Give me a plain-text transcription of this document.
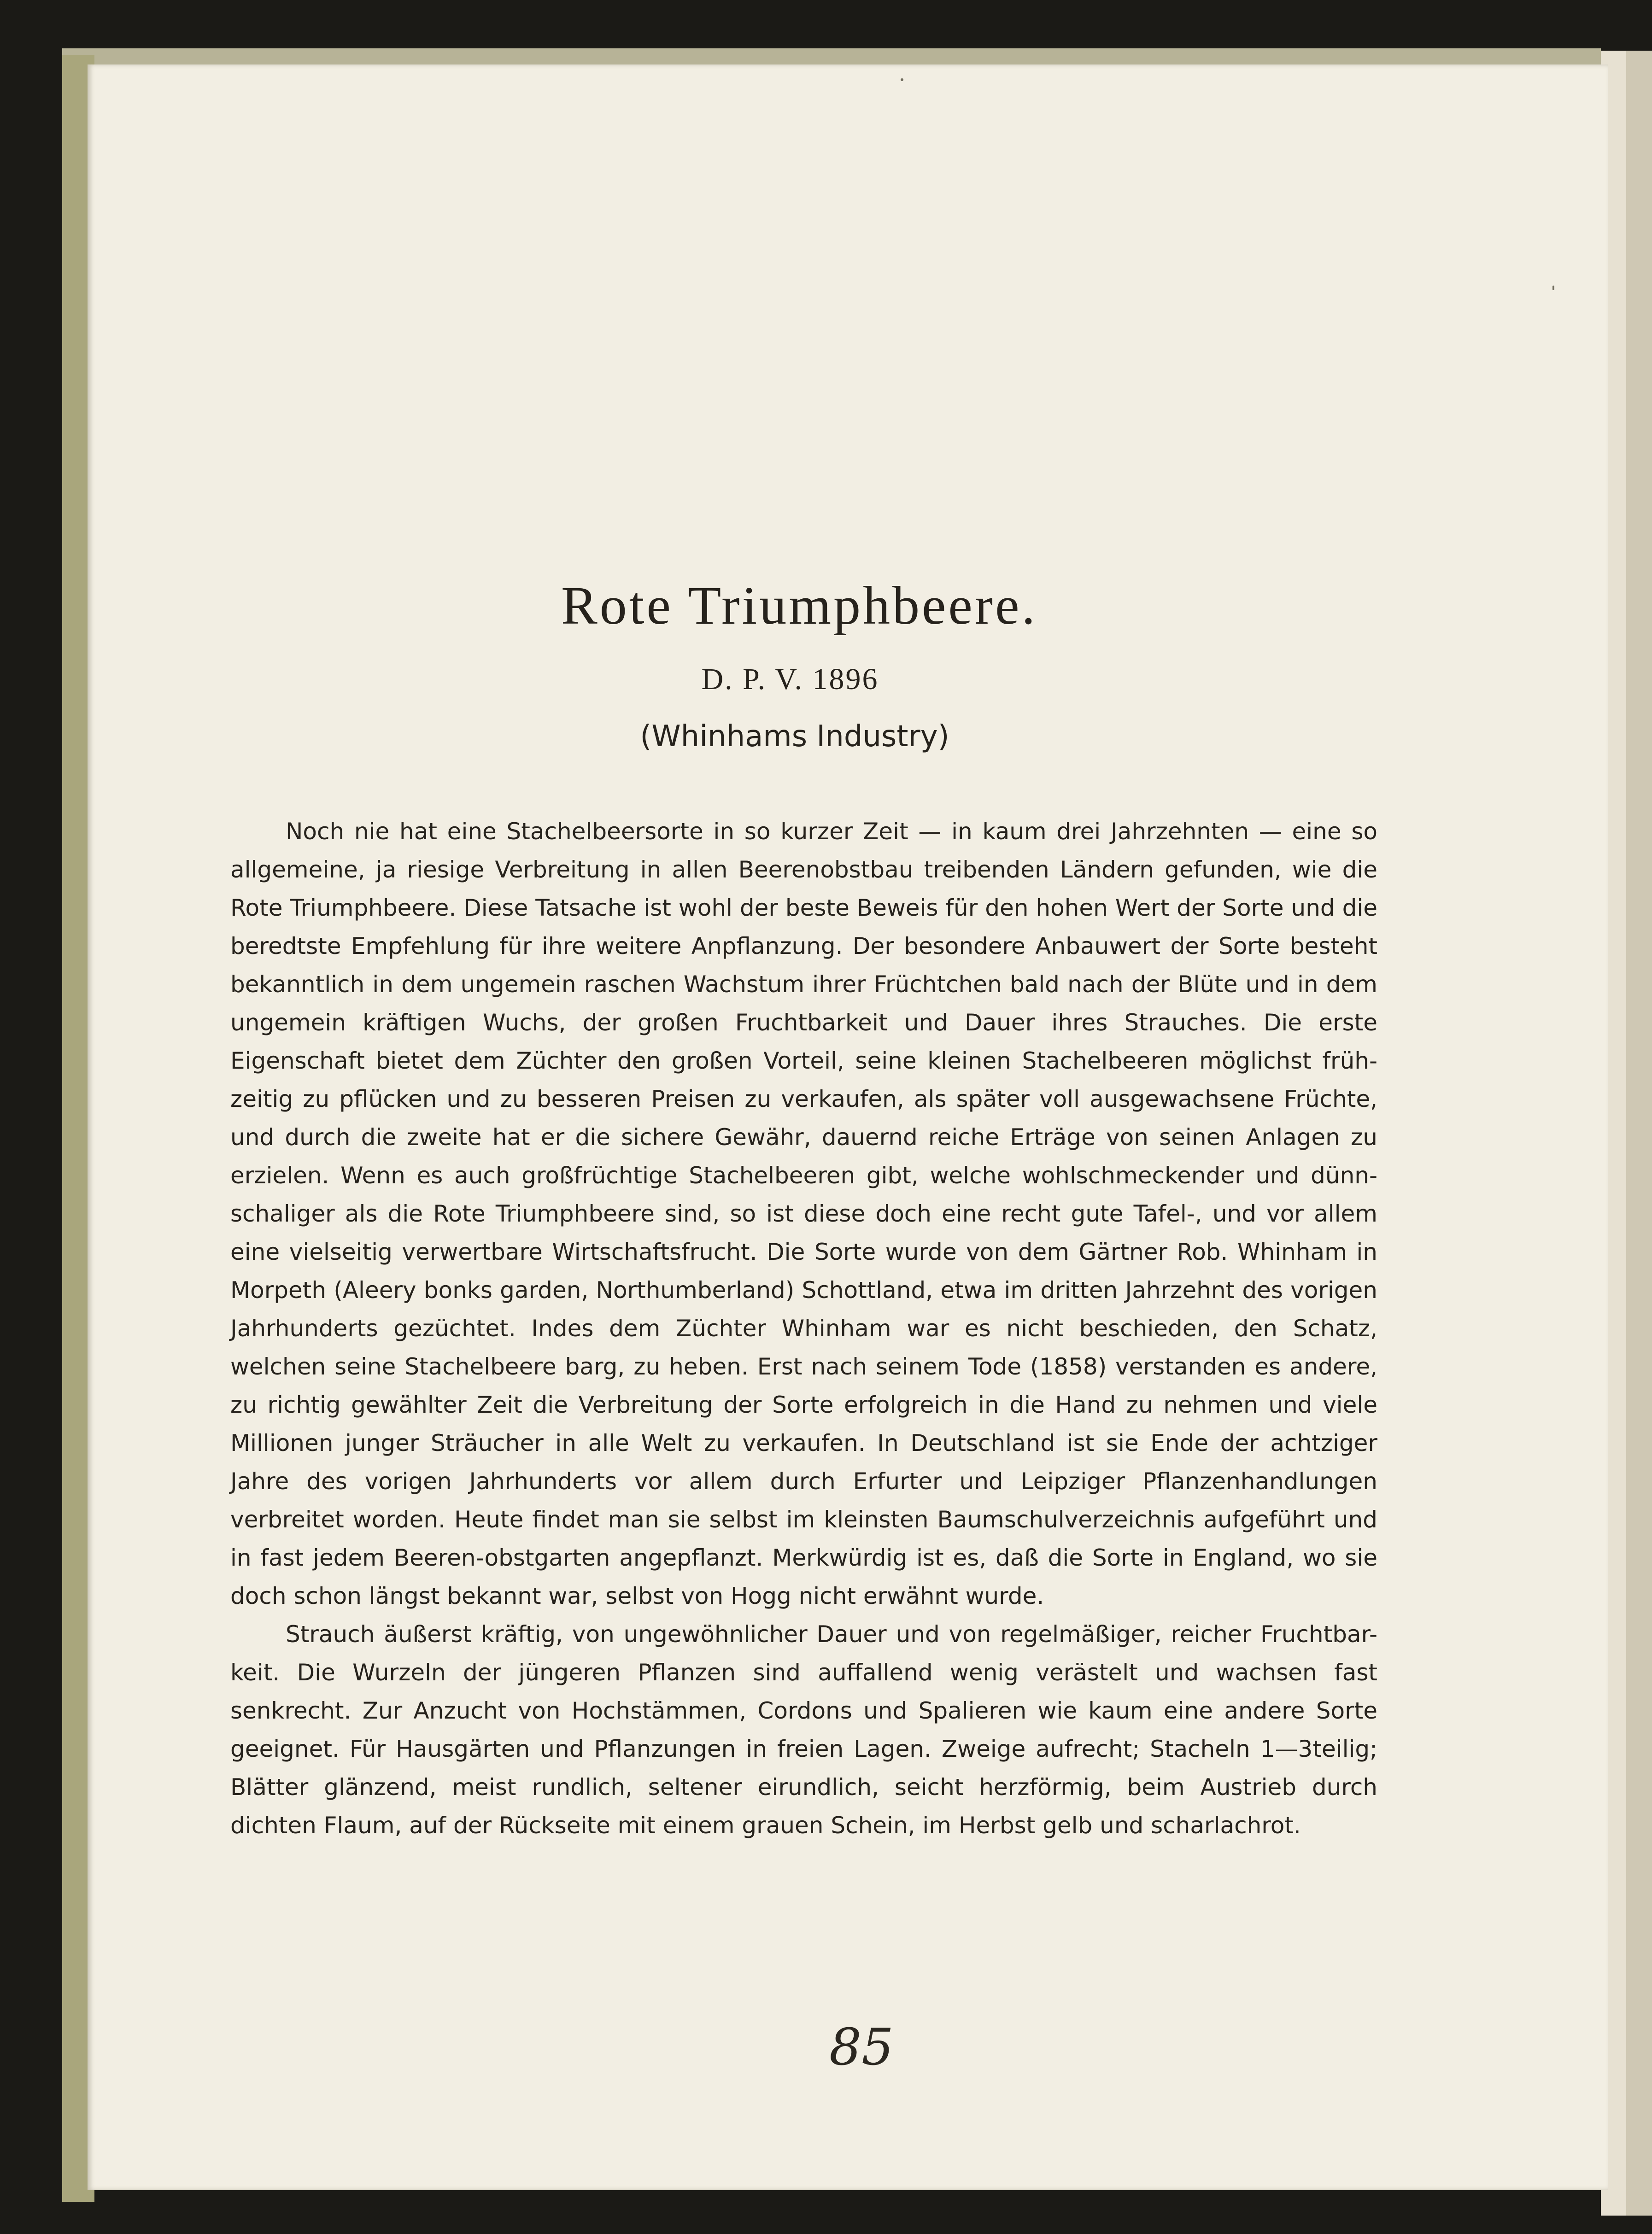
Rote Triumphbeere.
D. P. V. 1896
(Whinhams Industry)

Noch nie hat eine Stachelbeersorte in so kurzer Zeit — in kaum drei Jahrzehnten — eine so allgemeine, ja riesige Verbreitung in allen Beerenobstbau treibenden Ländern gefunden, wie die Rote Triumphbeere. Diese Tatsache ist wohl der beste Beweis für den hohen Wert der Sorte und die beredtste Empfehlung für ihre weitere Anpflanzung. Der besondere Anbauwert der Sorte besteht bekanntlich in dem ungemein raschen Wachstum ihrer Früchtchen bald nach der Blüte und in dem ungemein kräftigen Wuchs, der großen Fruchtbarkeit und Dauer ihres Strauches. Die erste Eigenschaft bietet dem Züchter den großen Vorteil, seine kleinen Stachelbeeren möglichst früh-zeitig zu pflücken und zu besseren Preisen zu verkaufen, als später voll ausgewachsene Früchte, und durch die zweite hat er die sichere Gewähr, dauernd reiche Erträge von seinen Anlagen zu erzielen. Wenn es auch großfrüchtige Stachelbeeren gibt, welche wohlschmeckender und dünn-schaliger als die Rote Triumphbeere sind, so ist diese doch eine recht gute Tafel-, und vor allem eine vielseitig verwertbare Wirtschaftsfrucht. Die Sorte wurde von dem Gärtner Rob. Whinham in Morpeth (Aleery bonks garden, Northumberland) Schottland, etwa im dritten Jahrzehnt des vorigen Jahrhunderts gezüchtet. Indes dem Züchter Whinham war es nicht beschieden, den Schatz, welchen seine Stachelbeere barg, zu heben. Erst nach seinem Tode (1858) verstanden es andere, zu richtig gewählter Zeit die Verbreitung der Sorte erfolgreich in die Hand zu nehmen und viele Millionen junger Sträucher in alle Welt zu verkaufen. In Deutschland ist sie Ende der achtziger Jahre des vorigen Jahrhunderts vor allem durch Erfurter und Leipziger Pflanzenhandlungen verbreitet worden. Heute findet man sie selbst im kleinsten Baumschulverzeichnis aufgeführt und in fast jedem Beeren-obstgarten angepflanzt. Merkwürdig ist es, daß die Sorte in England, wo sie doch schon längst bekannt war, selbst von Hogg nicht erwähnt wurde.

Strauch äußerst kräftig, von ungewöhnlicher Dauer und von regelmäßiger, reicher Fruchtbar-keit. Die Wurzeln der jüngeren Pflanzen sind auffallend wenig verästelt und wachsen fast senkrecht. Zur Anzucht von Hochstämmen, Cordons und Spalieren wie kaum eine andere Sorte geeignet. Für Hausgärten und Pflanzungen in freien Lagen. Zweige aufrecht; Stacheln 1—3teilig; Blätter glänzend, meist rundlich, seltener eirundlich, seicht herzförmig, beim Austrieb durch dichten Flaum, auf der Rückseite mit einem grauen Schein, im Herbst gelb und scharlachrot.

85
